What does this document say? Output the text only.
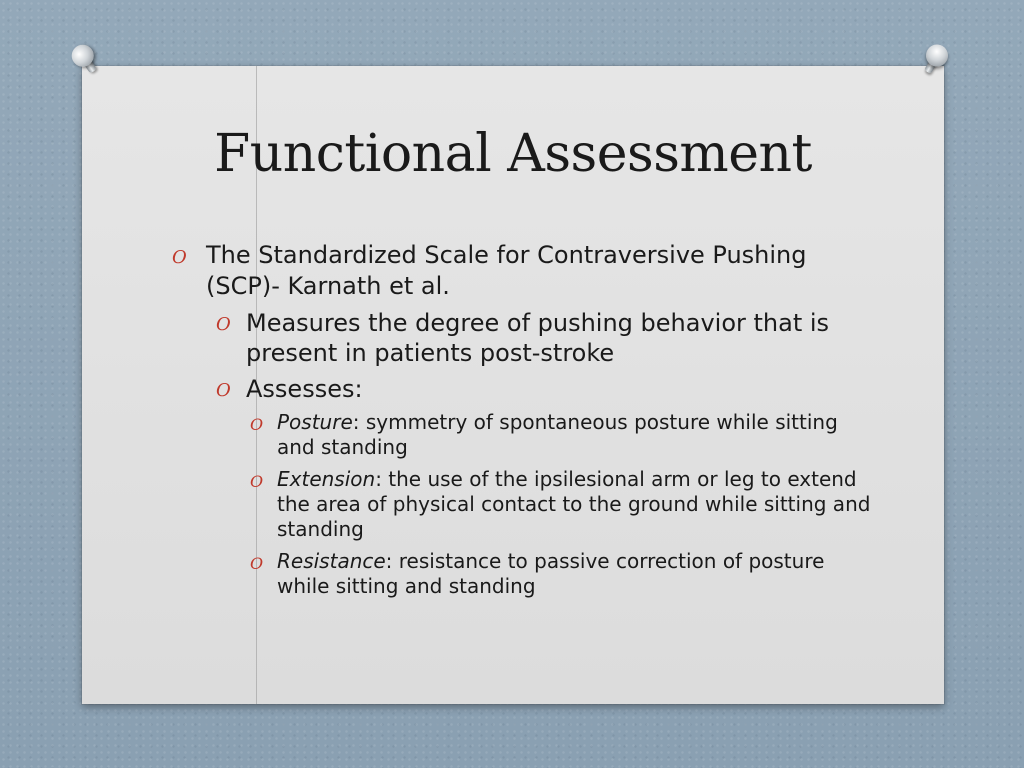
Functional Assessment
O The Standardized Scale for Contraversive Pushing (SCP)- Karnath et al.
O Measures the degree of pushing behavior that is present in patients post-stroke
O Assesses:
O Posture: symmetry of spontaneous posture while sitting and standing
O Extension: the use of the ipsilesional arm or leg to extend the area of physical contact to the ground while sitting and standing
O Resistance: resistance to passive correction of posture while sitting and standing
